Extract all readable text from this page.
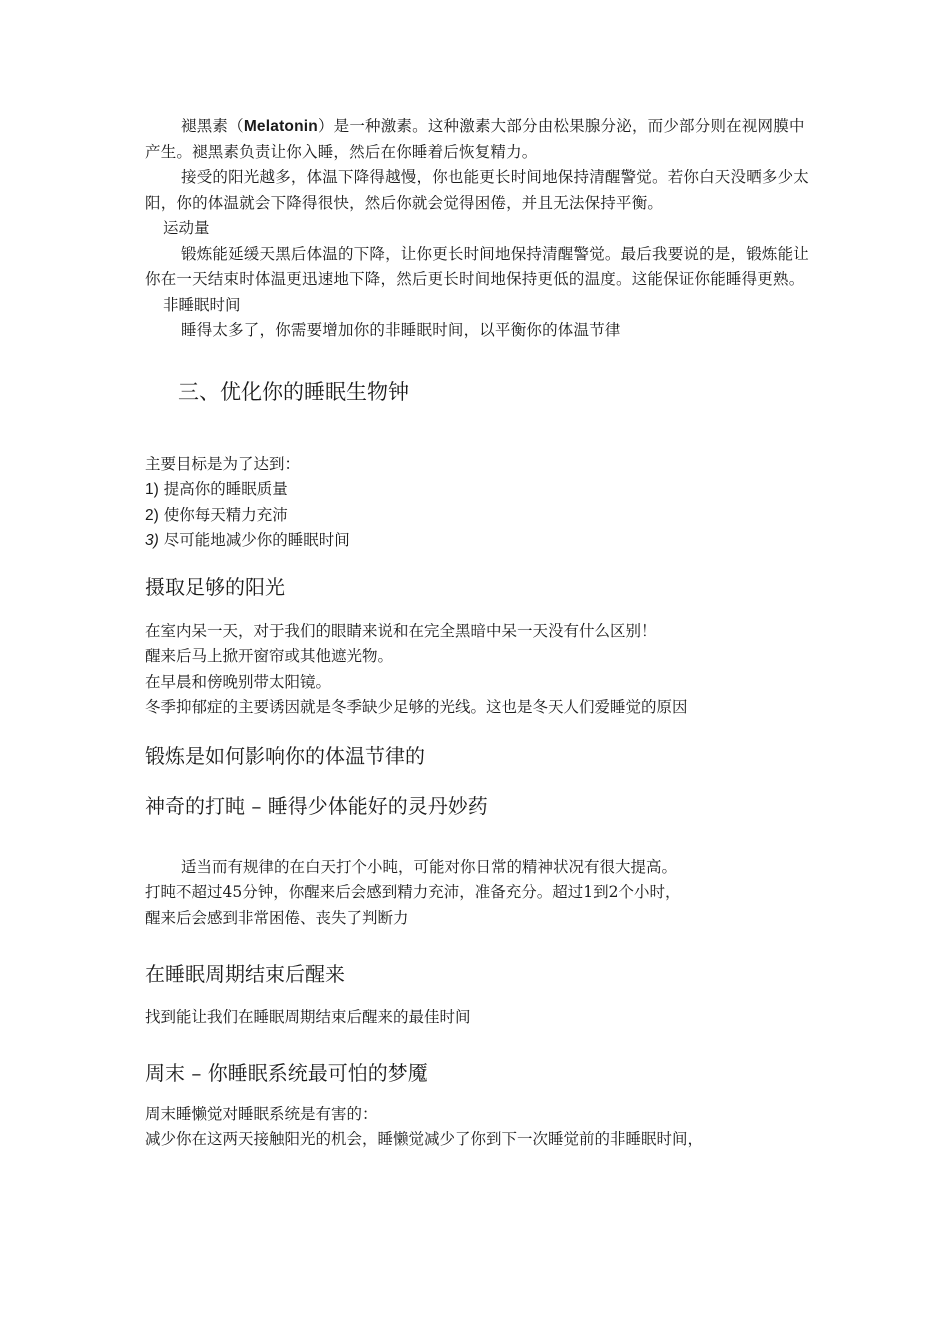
褪黑素（Melatonin）是一种激素。这种激素大部分由松果腺分泌，而少部分则在视网膜中产生。褪黑素负责让你入睡，然后在你睡着后恢复精力。

接受的阳光越多，体温下降得越慢，你也能更长时间地保持清醒警觉。若你白天没晒多少太阳，你的体温就会下降得很快，然后你就会觉得困倦，并且无法保持平衡。

运动量

锻炼能延缓天黑后体温的下降，让你更长时间地保持清醒警觉。最后我要说的是，锻炼能让你在一天结束时体温更迅速地下降，然后更长时间地保持更低的温度。这能保证你能睡得更熟。

非睡眠时间

睡得太多了，你需要增加你的非睡眠时间，以平衡你的体温节律

三、优化你的睡眠生物钟

主要目标是为了达到：

1) 提高你的睡眠质量

2) 使你每天精力充沛

3) 尽可能地减少你的睡眠时间

摄取足够的阳光

在室内呆一天，对于我们的眼睛来说和在完全黑暗中呆一天没有什么区别！

醒来后马上掀开窗帘或其他遮光物。

在早晨和傍晚别带太阳镜。

冬季抑郁症的主要诱因就是冬季缺少足够的光线。这也是冬天人们爱睡觉的原因

锻炼是如何影响你的体温节律的

神奇的打盹 – 睡得少体能好的灵丹妙药

适当而有规律的在白天打个小盹，可能对你日常的精神状况有很大提高。

打盹不超过45分钟，你醒来后会感到精力充沛，准备充分。超过1到2个小时，

醒来后会感到非常困倦、丧失了判断力

在睡眠周期结束后醒来

找到能让我们在睡眠周期结束后醒来的最佳时间

周末 – 你睡眠系统最可怕的梦魇

周末睡懒觉对睡眠系统是有害的：

减少你在这两天接触阳光的机会，睡懒觉减少了你到下一次睡觉前的非睡眠时间，
